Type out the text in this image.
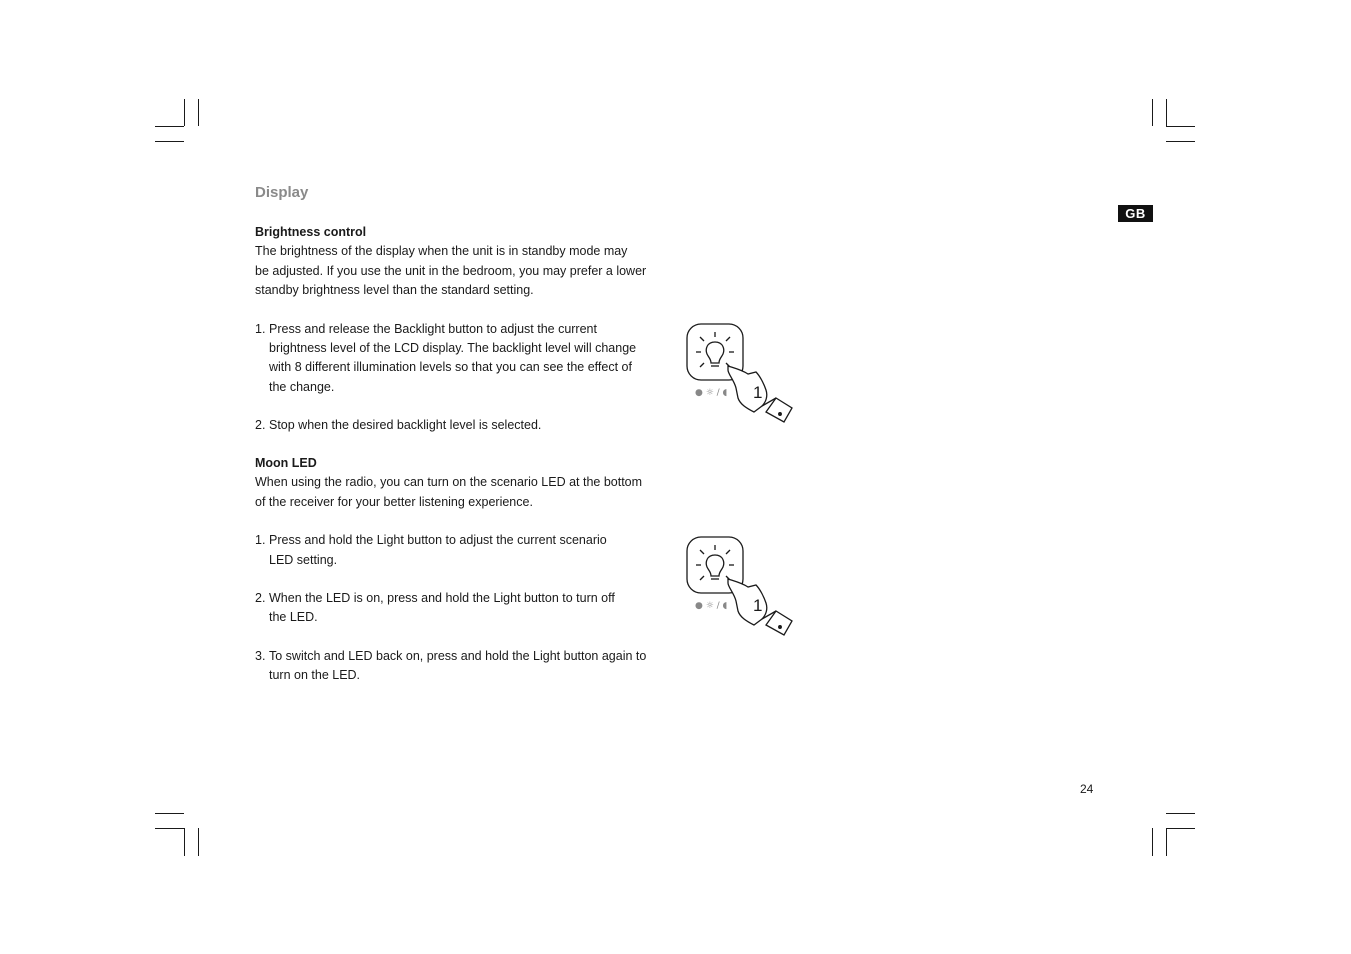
Display
GB
24
Brightness control
The brightness of the display when the unit is in standby mode may
be adjusted. If you use the unit in the bedroom, you may prefer a lower
standby brightness level than the standard setting.
1. Press and release the Backlight button to adjust the current
brightness level of the LCD display. The backlight level will change
with 8 different illumination levels so that you can see the effect of
the change.
2. Stop when the desired backlight level is selected.
Moon LED
When using the radio, you can turn on the scenario LED at the bottom
of the receiver for your better listening experience.
1. Press and hold the Light button to adjust the current scenario
LED setting.
2. When the LED is on, press and hold the Light button to turn off
the LED.
3. To switch and LED back on, press and hold the Light button again to
turn on the LED.
● ☼ / ◖ 1
● ☼ / ◖ 1
